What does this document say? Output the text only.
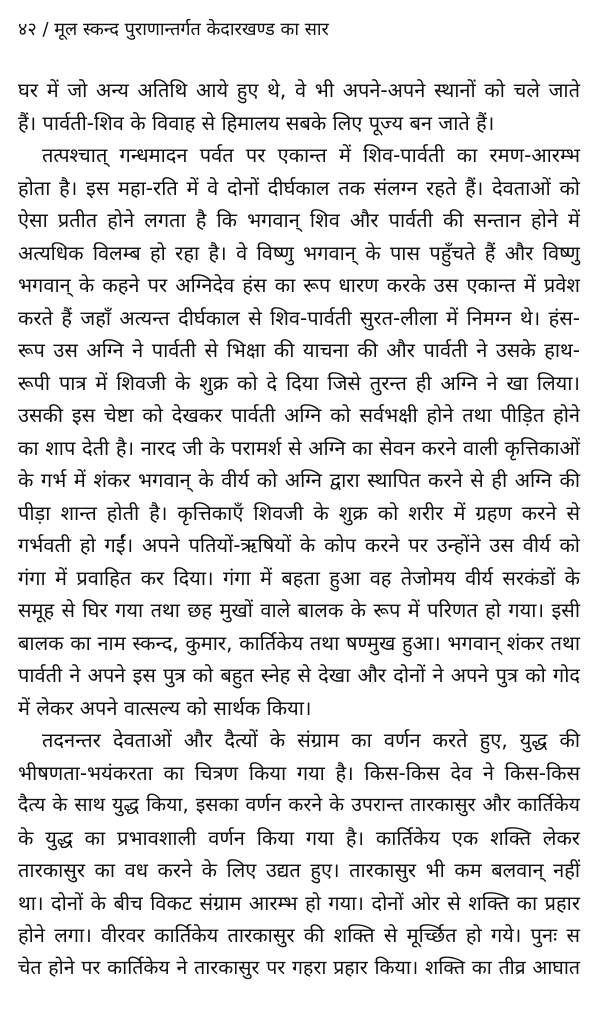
४२ / मूल स्कन्द पुराणान्तर्गत केदारखण्ड का सार
घर में जो अन्य अतिथि आये हुए थे, वे भी अपने-अपने स्थानों को चले जाते
हैं। पार्वती-शिव के विवाह से हिमालय सबके लिए पूज्य बन जाते हैं।
तत्पश्चात् गन्धमादन पर्वत पर एकान्त में शिव-पार्वती का रमण-आरम्भ
होता है। इस महा-रति में वे दोनों दीर्घकाल तक संलग्न रहते हैं। देवताओं को
ऐसा प्रतीत होने लगता है कि भगवान् शिव और पार्वती की सन्तान होने में
अत्यधिक विलम्ब हो रहा है। वे विष्णु भगवान् के पास पहुँचते हैं और विष्णु
भगवान् के कहने पर अग्निदेव हंस का रूप धारण करके उस एकान्त में प्रवेश
करते हैं जहाँ अत्यन्त दीर्घकाल से शिव-पार्वती सुरत-लीला में निमग्न थे। हंस-
रूप उस अग्नि ने पार्वती से भिक्षा की याचना की और पार्वती ने उसके हाथ-
रूपी पात्र में शिवजी के शुक्र को दे दिया जिसे तुरन्त ही अग्नि ने खा लिया।
उसकी इस चेष्टा को देखकर पार्वती अग्नि को सर्वभक्षी होने तथा पीड़ित होने
का शाप देती है। नारद जी के परामर्श से अग्नि का सेवन करने वाली कृत्तिकाओं
के गर्भ में शंकर भगवान् के वीर्य को अग्नि द्वारा स्थापित करने से ही अग्नि की
पीड़ा शान्त होती है। कृत्तिकाएँ शिवजी के शुक्र को शरीर में ग्रहण करने से
गर्भवती हो गईं। अपने पतियों-ऋषियों के कोप करने पर उन्होंने उस वीर्य को
गंगा में प्रवाहित कर दिया। गंगा में बहता हुआ वह तेजोमय वीर्य सरकंडों के
समूह से घिर गया तथा छह मुखों वाले बालक के रूप में परिणत हो गया। इसी
बालक का नाम स्कन्द, कुमार, कार्तिकेय तथा षण्मुख हुआ। भगवान् शंकर तथा
पार्वती ने अपने इस पुत्र को बहुत स्नेह से देखा और दोनों ने अपने पुत्र को गोद
में लेकर अपने वात्सल्य को सार्थक किया।
तदनन्तर देवताओं और दैत्यों के संग्राम का वर्णन करते हुए, युद्ध की
भीषणता-भयंकरता का चित्रण किया गया है। किस-किस देव ने किस-किस
दैत्य के साथ युद्ध किया, इसका वर्णन करने के उपरान्त तारकासुर और कार्तिकेय
के युद्ध का प्रभावशाली वर्णन किया गया है। कार्तिकेय एक शक्ति लेकर
तारकासुर का वध करने के लिए उद्यत हुए। तारकासुर भी कम बलवान् नहीं
था। दोनों के बीच विकट संग्राम आरम्भ हो गया। दोनों ओर से शक्ति का प्रहार
होने लगा। वीरवर कार्तिकेय तारकासुर की शक्ति से मूर्च्छित हो गये। पुनः स
चेत होने पर कार्तिकेय ने तारकासुर पर गहरा प्रहार किया। शक्ति का तीव्र आघात
